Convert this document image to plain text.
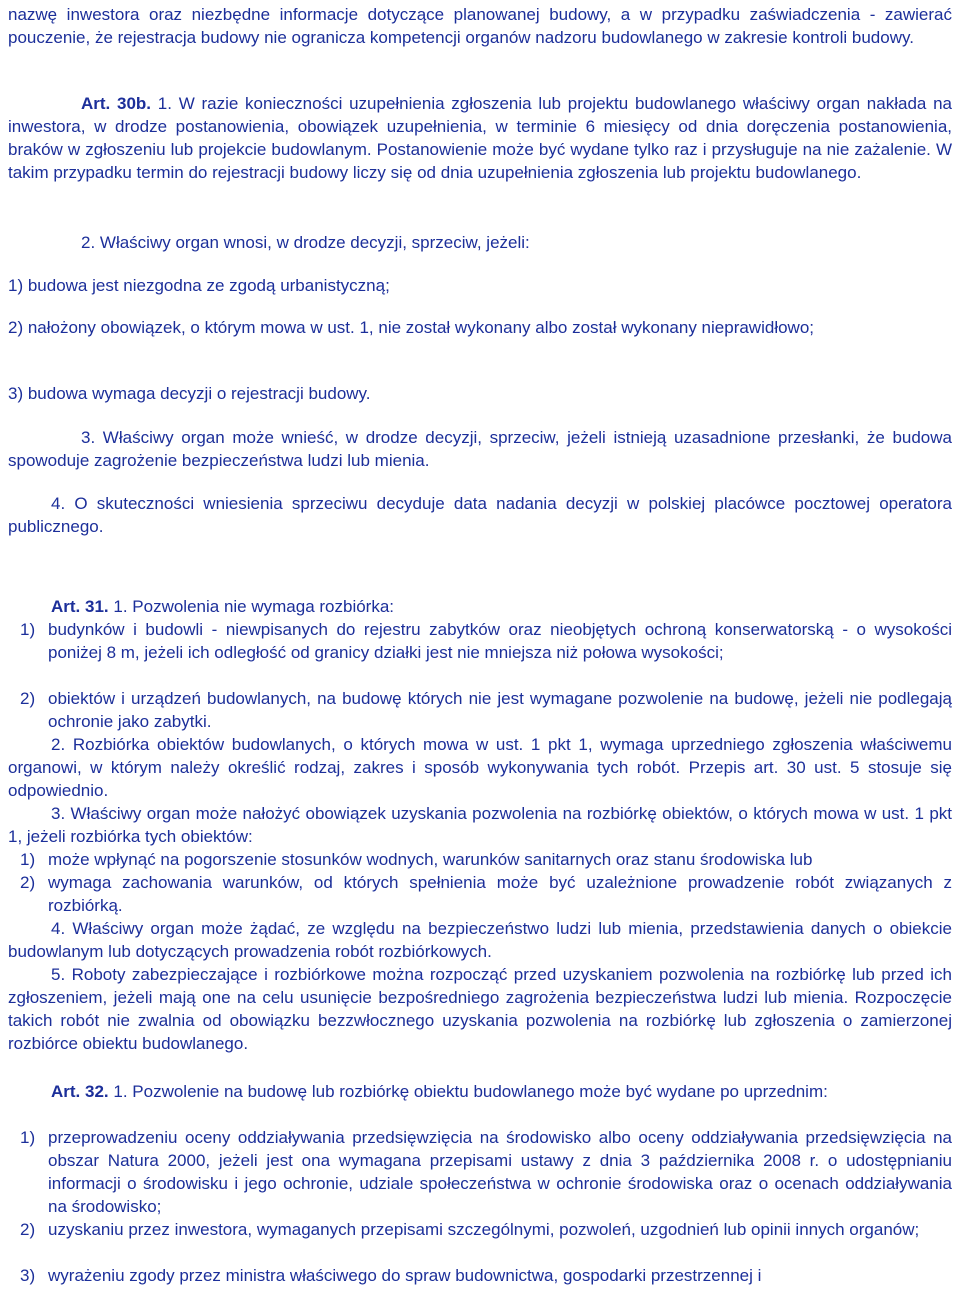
nazwę inwestora oraz niezbędne informacje dotyczące planowanej budowy, a w przypadku zaświadczenia - zawierać pouczenie, że rejestracja budowy nie ogranicza kompetencji organów nadzoru budowlanego w zakresie kontroli budowy.

Art. 30b. 1. W razie konieczności uzupełnienia zgłoszenia lub projektu budowlanego właściwy organ nakłada na inwestora, w drodze postanowienia, obowiązek uzupełnienia, w terminie 6 miesięcy od dnia doręczenia postanowienia, braków w zgłoszeniu lub projekcie budowlanym. Postanowienie może być wydane tylko raz i przysługuje na nie zażalenie. W takim przypadku termin do rejestracji budowy liczy się od dnia uzupełnienia zgłoszenia lub projektu budowlanego.

2. Właściwy organ wnosi, w drodze decyzji, sprzeciw, jeżeli:

1) budowa jest niezgodna ze zgodą urbanistyczną;

2) nałożony obowiązek, o którym mowa w ust. 1, nie został wykonany albo został wykonany nieprawidłowo;

3) budowa wymaga decyzji o rejestracji budowy.

3. Właściwy organ może wnieść, w drodze decyzji, sprzeciw, jeżeli istnieją uzasadnione przesłanki, że budowa spowoduje zagrożenie bezpieczeństwa ludzi lub mienia.

4. O skuteczności wniesienia sprzeciwu decyduje data nadania decyzji w polskiej placówce pocztowej operatora publicznego.

Art. 31. 1. Pozwolenia nie wymaga rozbiórka:

1) budynków i budowli - niewpisanych do rejestru zabytków oraz nieobjętych ochroną konserwatorską - o wysokości poniżej 8 m, jeżeli ich odległość od granicy działki jest nie mniejsza niż połowa wysokości;
2) obiektów i urządzeń budowlanych, na budowę których nie jest wymagane pozwolenie na budowę, jeżeli nie podlegają ochronie jako zabytki.

2. Rozbiórka obiektów budowlanych, o których mowa w ust. 1 pkt 1, wymaga uprzedniego zgłoszenia właściwemu organowi, w którym należy określić rodzaj, zakres i sposób wykonywania tych robót. Przepis art. 30 ust. 5 stosuje się odpowiednio.

3. Właściwy organ może nałożyć obowiązek uzyskania pozwolenia na rozbiórkę obiektów, o których mowa w ust. 1 pkt 1, jeżeli rozbiórka tych obiektów:

1) może wpłynąć na pogorszenie stosunków wodnych, warunków sanitarnych oraz stanu środowiska lub
2) wymaga zachowania warunków, od których spełnienia może być uzależnione prowadzenie robót związanych z rozbiórką.

4. Właściwy organ może żądać, ze względu na bezpieczeństwo ludzi lub mienia, przedstawienia danych o obiekcie budowlanym lub dotyczących prowadzenia robót rozbiórkowych.

5. Roboty zabezpieczające i rozbiórkowe można rozpocząć przed uzyskaniem pozwolenia na rozbiórkę lub przed ich zgłoszeniem, jeżeli mają one na celu usunięcie bezpośredniego zagrożenia bezpieczeństwa ludzi lub mienia. Rozpoczęcie takich robót nie zwalnia od obowiązku bezzwłocznego uzyskania pozwolenia na rozbiórkę lub zgłoszenia o zamierzonej rozbiórce obiektu budowlanego.

Art. 32. 1. Pozwolenie na budowę lub rozbiórkę obiektu budowlanego może być wydane po uprzednim:

1) przeprowadzeniu oceny oddziaływania przedsięwzięcia na środowisko albo oceny oddziaływania przedsięwzięcia na obszar Natura 2000, jeżeli jest ona wymagana przepisami ustawy z dnia 3 października 2008 r. o udostępnianiu informacji o środowisku i jego ochronie, udziale społeczeństwa w ochronie środowiska oraz o ocenach oddziaływania na środowisko;
2) uzyskaniu przez inwestora, wymaganych przepisami szczególnymi, pozwoleń, uzgodnień lub opinii innych organów;
3) wyrażeniu zgody przez ministra właściwego do spraw budownictwa, gospodarki przestrzennej i
